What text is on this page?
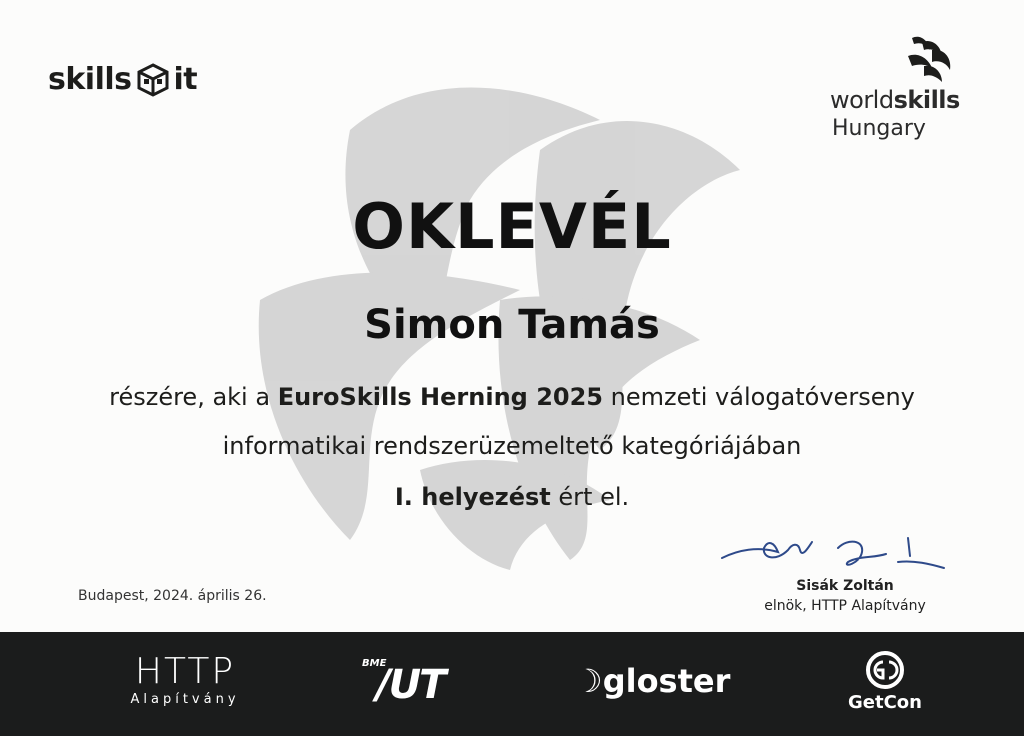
skills it
worldskills
Hungary
OKLEVÉL
Simon Tamás
részére, aki a EuroSkills Herning 2025 nemzeti válogatóverseny
informatikai rendszerüzemeltető kategóriájában
I. helyezést ért el.
Budapest, 2024. április 26.
Sisák Zoltán
elnök, HTTP Alapítvány
HTTP
Alapítvány
BME
/UT	☽gloster
GetCon
